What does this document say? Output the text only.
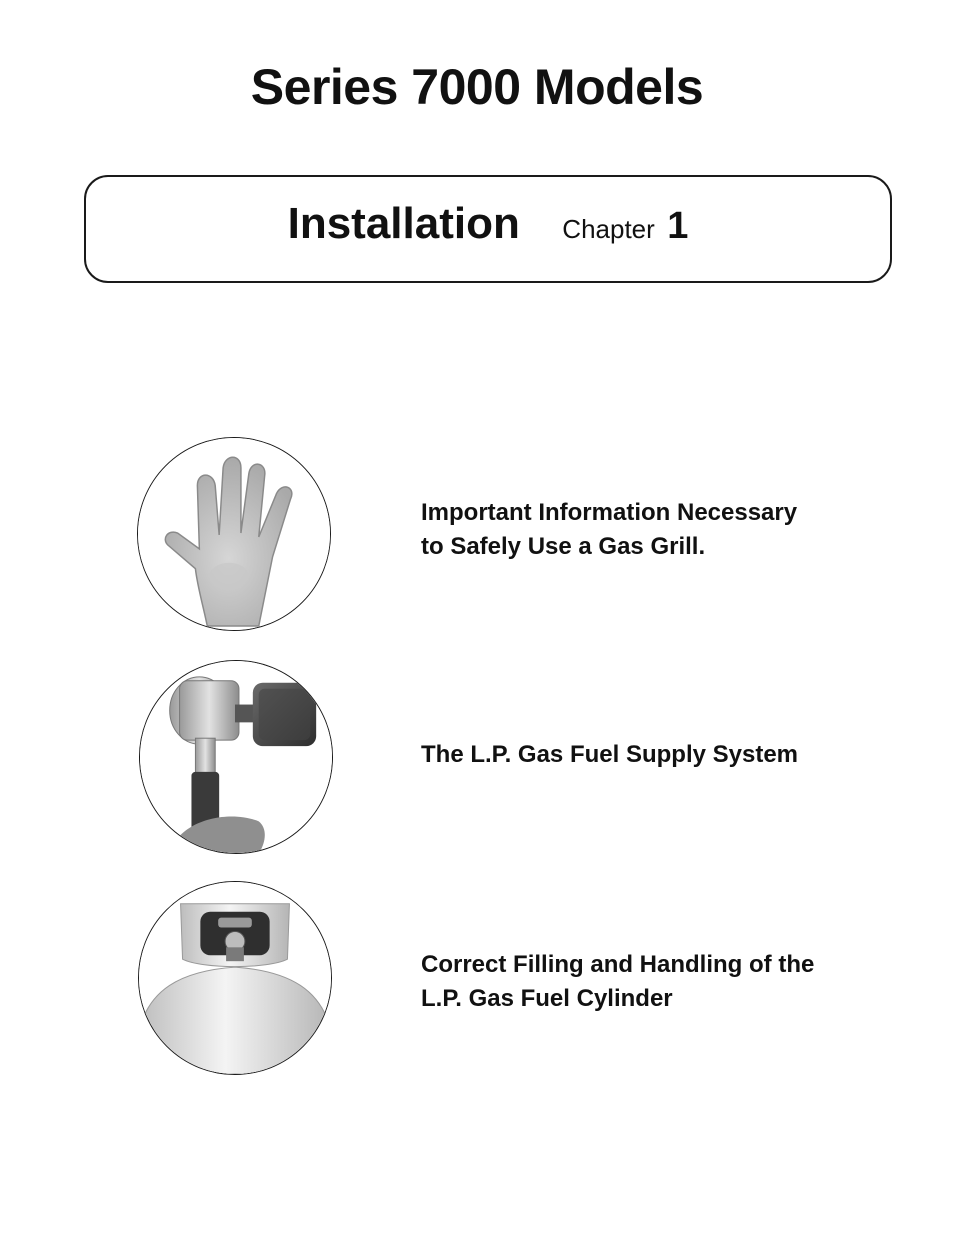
Series 7000 Models
Installation Chapter 1

Important Information Necessary
to Safely Use a Gas Grill.

The L.P. Gas Fuel Supply System

Correct Filling and Handling of the
L.P. Gas Fuel Cylinder
